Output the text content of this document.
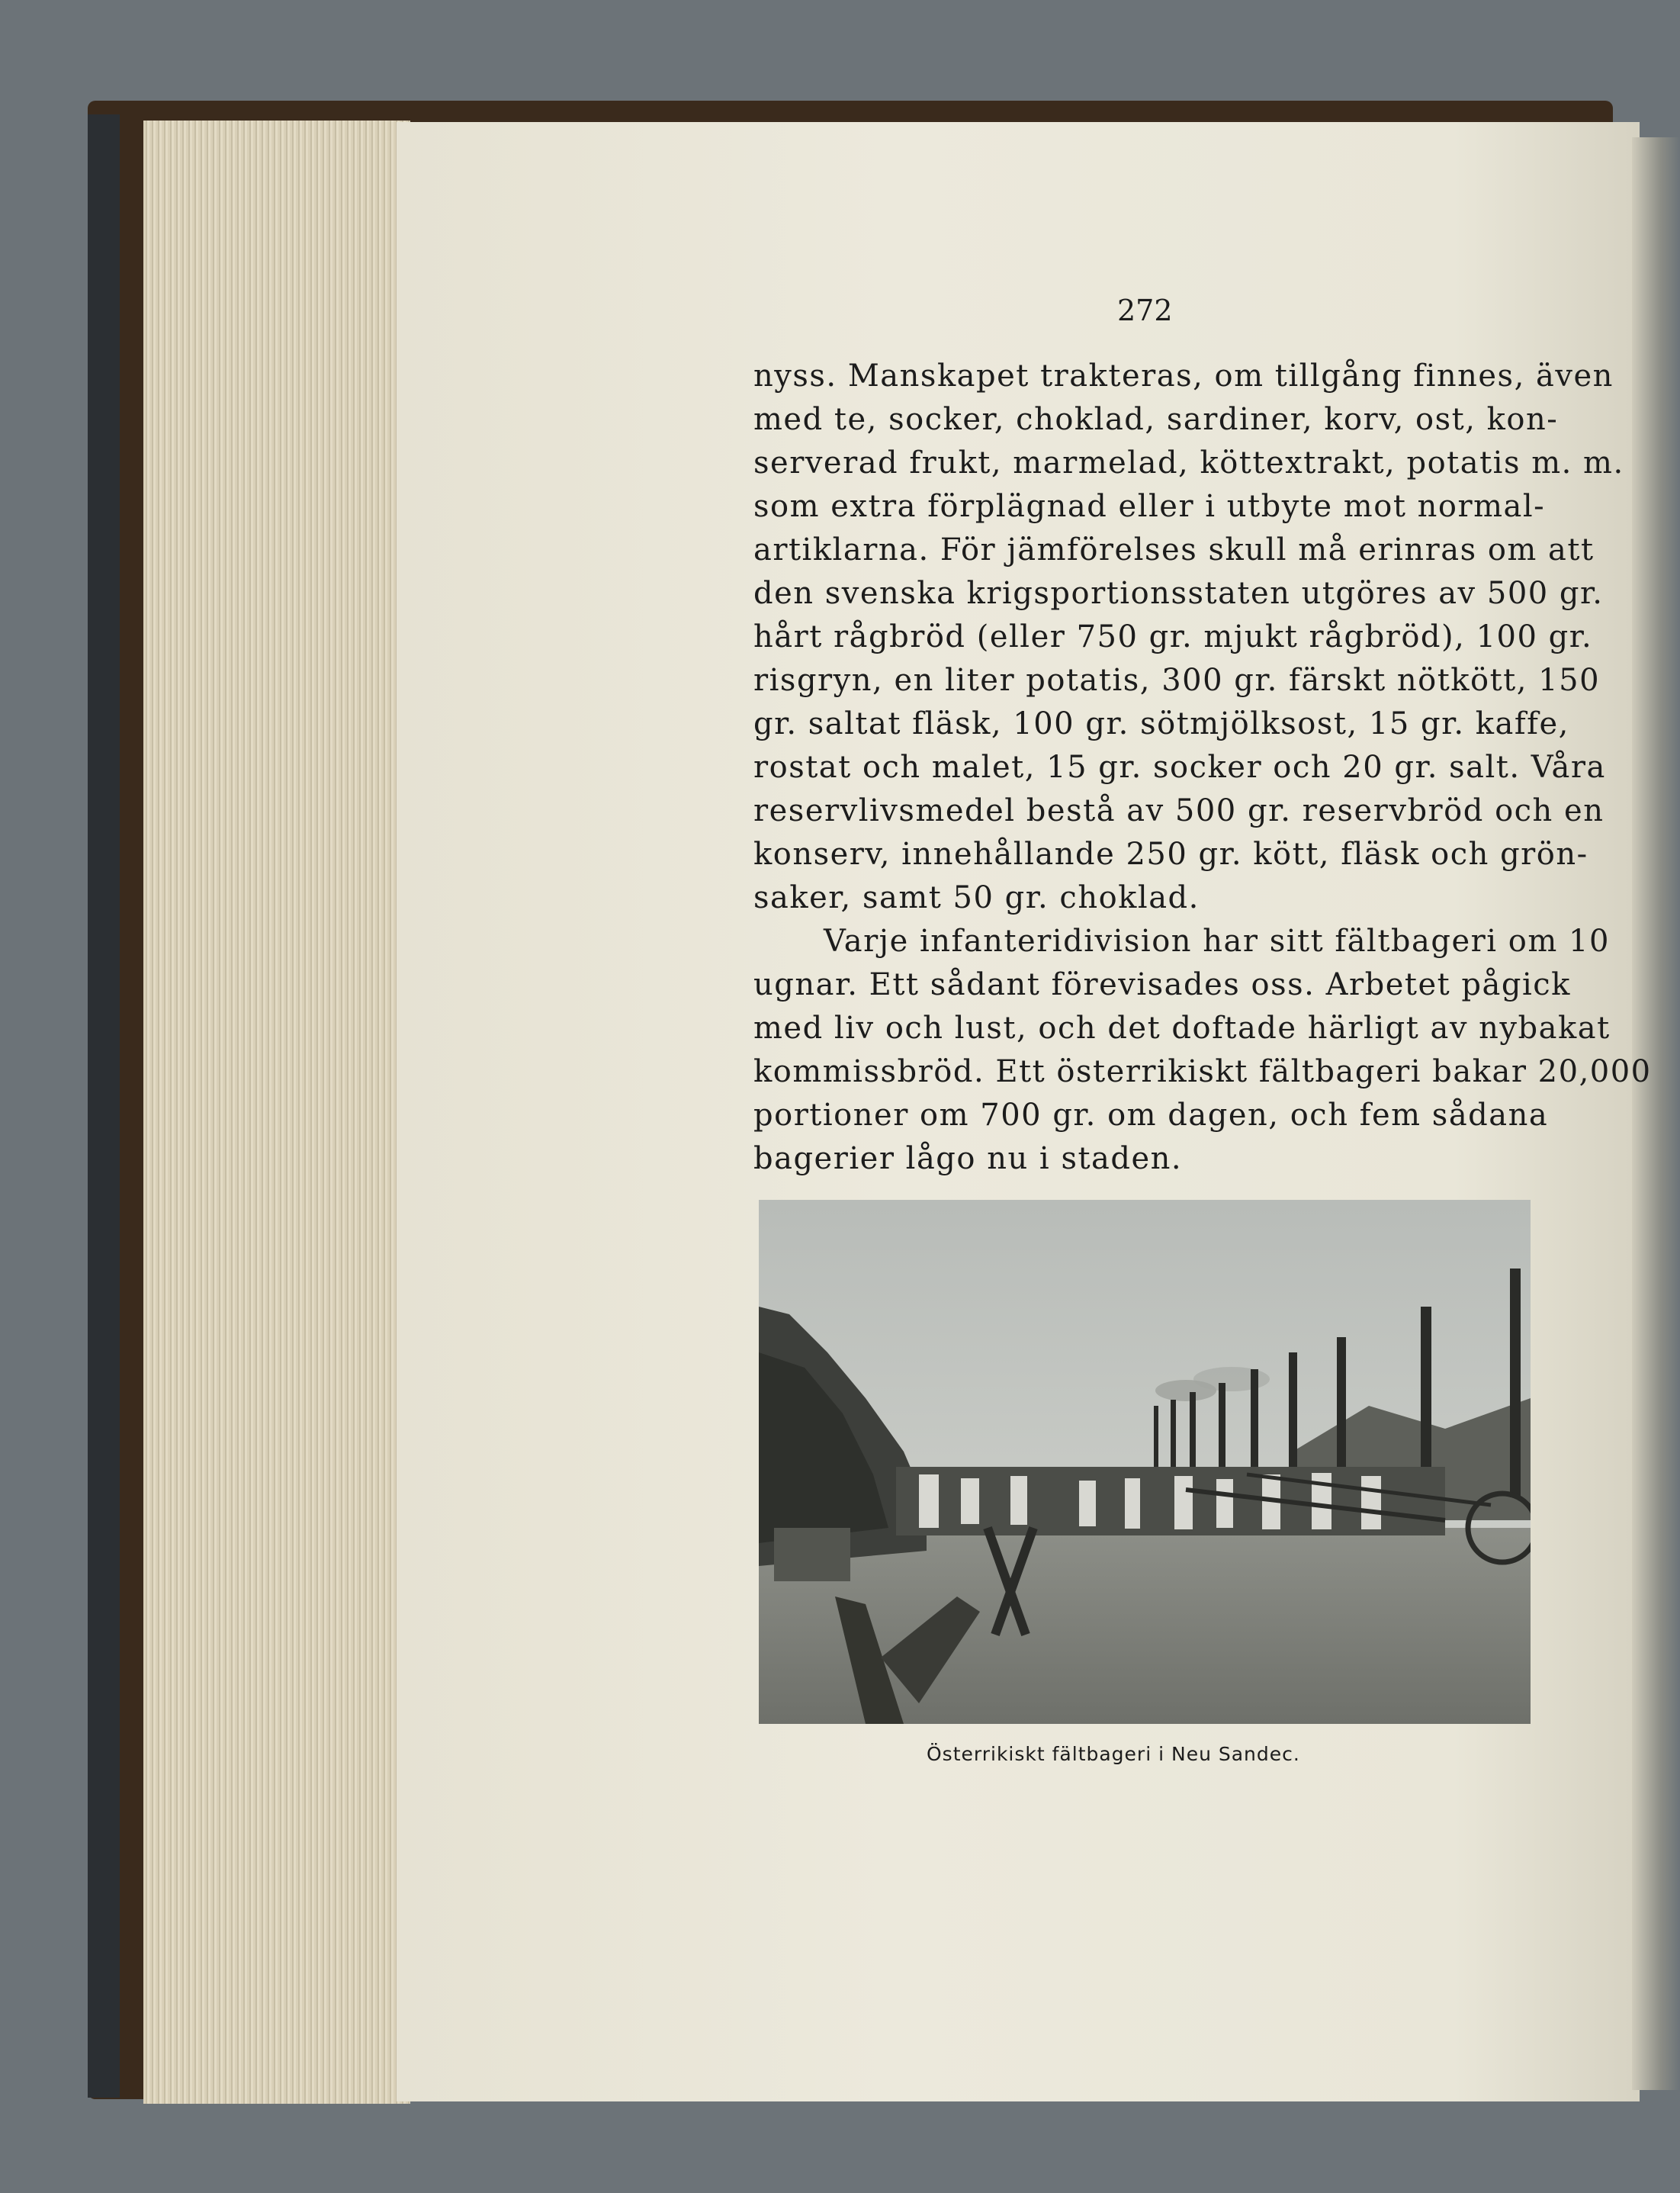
272
nyss. Manskapet trakteras, om tillgång finnes, även
med te, socker, choklad, sardiner, korv, ost, kon-
serverad frukt, marmelad, köttextrakt, potatis m. m.
som extra förplägnad eller i utbyte mot normal-
artiklarna. För jämförelses skull må erinras om att
den svenska krigsportionsstaten utgöres av 500 gr.
hårt rågbröd (eller 750 gr. mjukt rågbröd), 100 gr.
risgryn, en liter potatis, 300 gr. färskt nötkött, 150
gr. saltat fläsk, 100 gr. sötmjölksost, 15 gr. kaffe,
rostat och malet, 15 gr. socker och 20 gr. salt. Våra
reservlivsmedel bestå av 500 gr. reservbröd och en
konserv, innehållande 250 gr. kött, fläsk och grön-
saker, samt 50 gr. choklad.
Varje infanteridivision har sitt fältbageri om 10
ugnar. Ett sådant förevisades oss. Arbetet pågick
med liv och lust, och det doftade härligt av nybakat
kommissbröd. Ett österrikiskt fältbageri bakar 20,000
portioner om 700 gr. om dagen, och fem sådana
bagerier lågo nu i staden.
Österrikiskt fältbageri i Neu Sandec.
